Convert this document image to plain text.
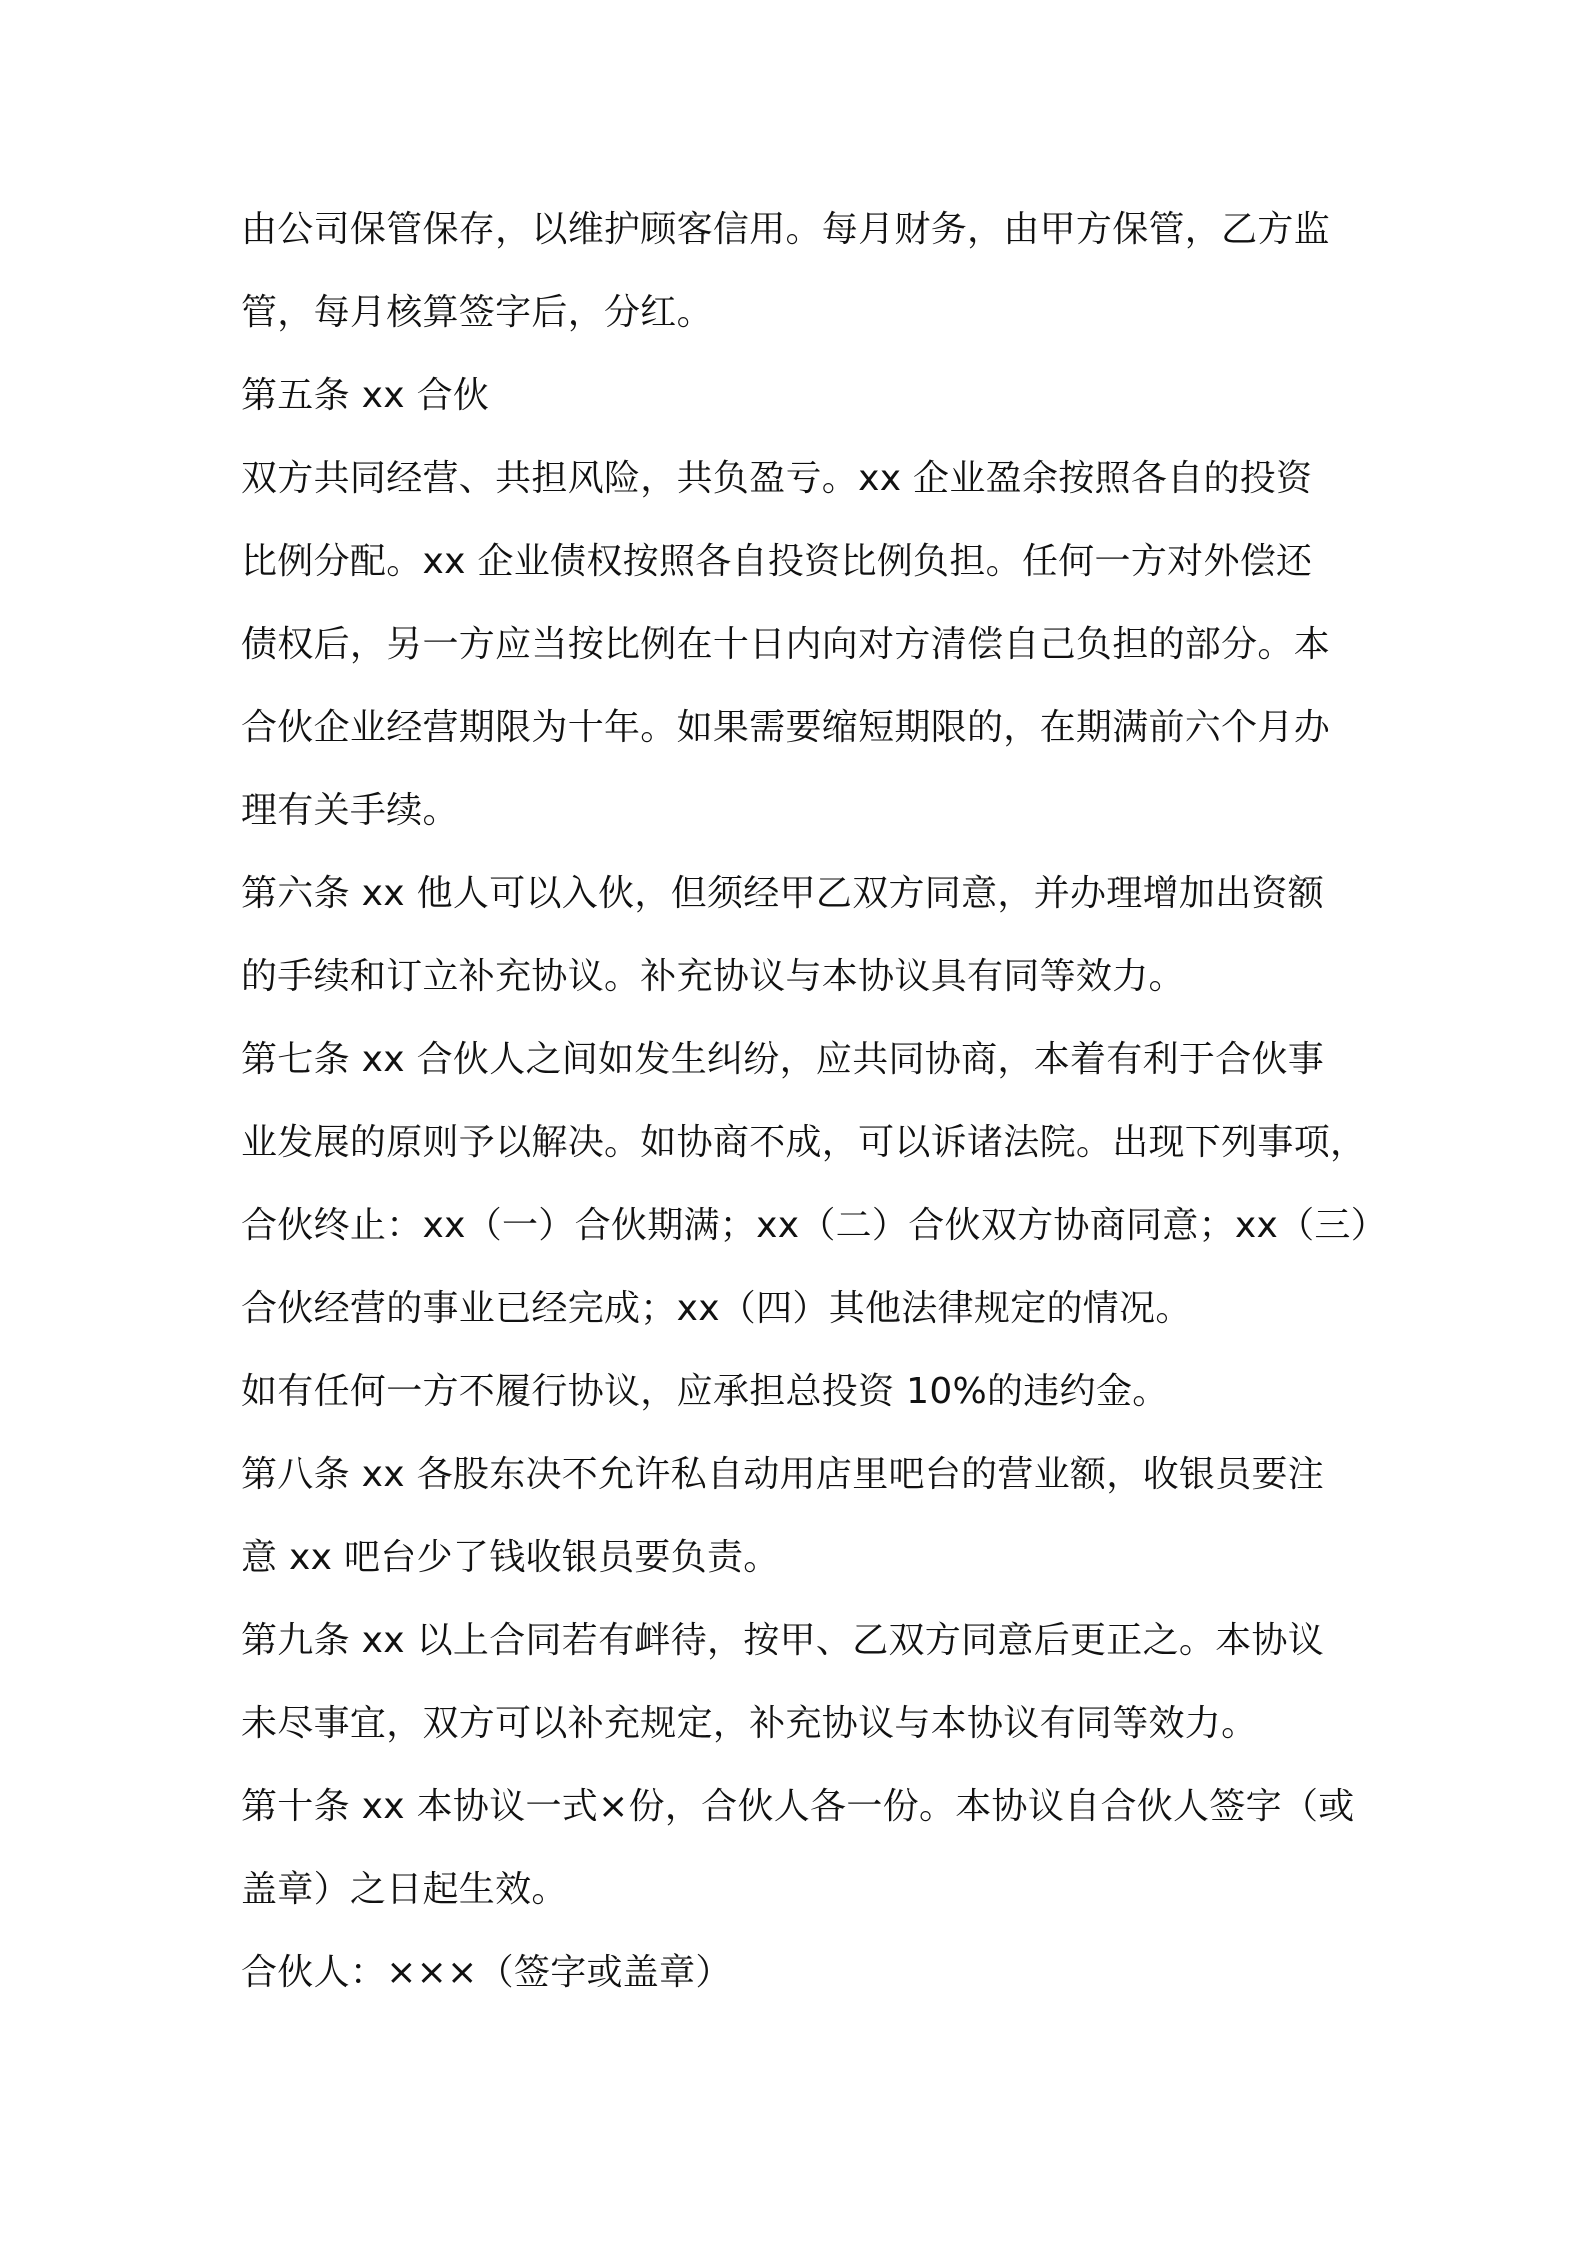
由公司保管保存，以维护顾客信用。每月财务，由甲方保管，乙方监
管，每月核算签字后，分红。
第五条 xx 合伙
双方共同经营、共担风险，共负盈亏。xx 企业盈余按照各自的投资
比例分配。xx 企业债权按照各自投资比例负担。任何一方对外偿还
债权后，另一方应当按比例在十日内向对方清偿自己负担的部分。本
合伙企业经营期限为十年。如果需要缩短期限的，在期满前六个月办
理有关手续。
第六条 xx 他人可以入伙，但须经甲乙双方同意，并办理增加出资额
的手续和订立补充协议。补充协议与本协议具有同等效力。
第七条 xx 合伙人之间如发生纠纷，应共同协商，本着有利于合伙事
业发展的原则予以解决。如协商不成，可以诉诸法院。出现下列事项，
合伙终止：xx（一）合伙期满；xx（二）合伙双方协商同意；xx（三）
合伙经营的事业已经完成；xx（四）其他法律规定的情况。
如有任何一方不履行协议，应承担总投资 10%的违约金。
第八条 xx 各股东决不允许私自动用店里吧台的营业额，收银员要注
意 xx 吧台少了钱收银员要负责。
第九条 xx 以上合同若有衅待，按甲、乙双方同意后更正之。本协议
未尽事宜，双方可以补充规定，补充协议与本协议有同等效力。
第十条 xx 本协议一式×份，合伙人各一份。本协议自合伙人签字（或
盖章）之日起生效。
合伙人：×××（签字或盖章）
